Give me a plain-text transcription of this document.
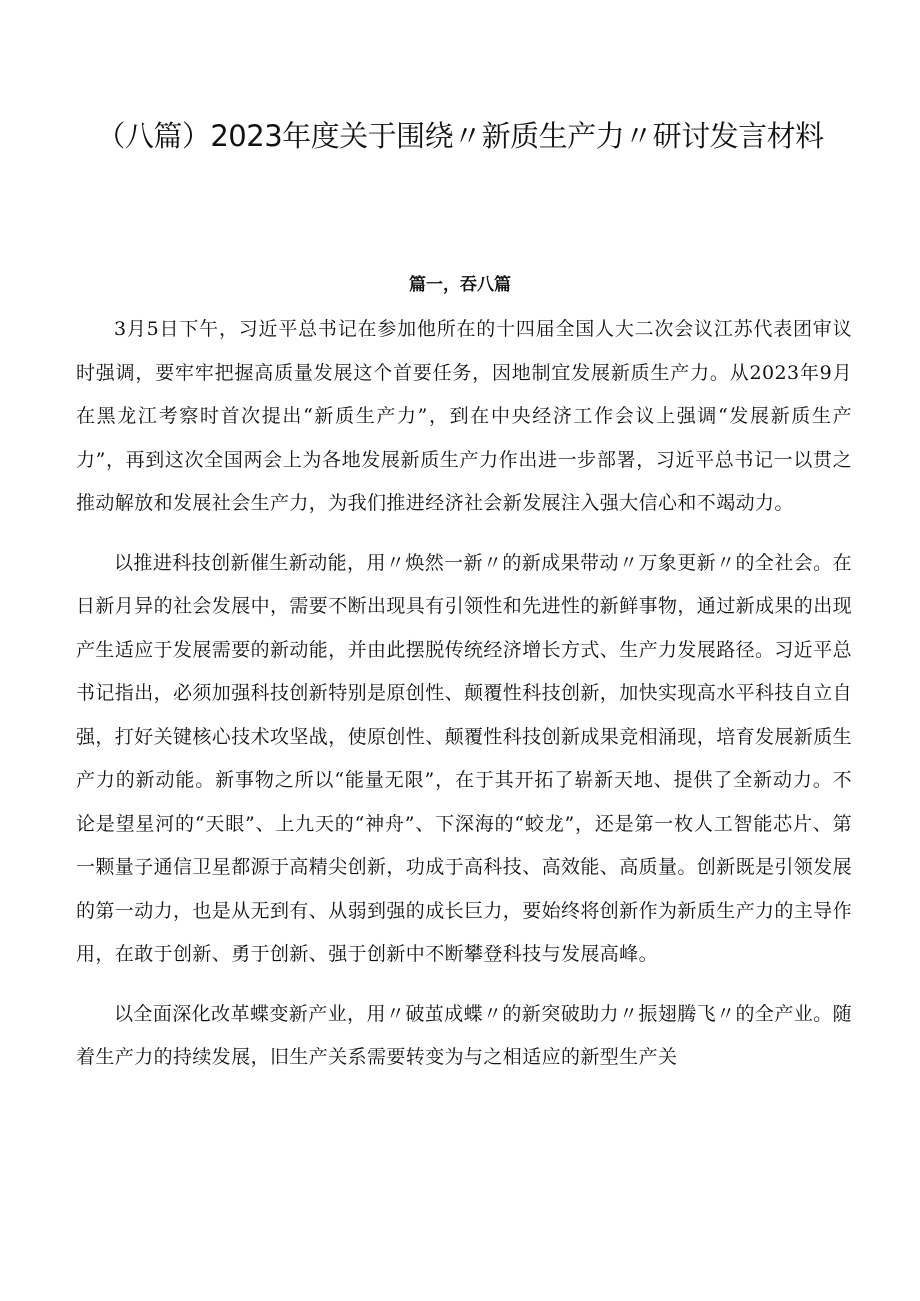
（八篇）2023年度关于围绕〃新质生产力〃研讨发言材料
篇一，吞八篇

3月5日下午，习近平总书记在参加他所在的十四届全国人大二次会议江苏代表团审议时强调，要牢牢把握高质量发展这个首要任务，因地制宜发展新质生产力。从2023年9月在黑龙江考察时首次提出“新质生产力”，到在中央经济工作会议上强调“发展新质生产力”，再到这次全国两会上为各地发展新质生产力作出进一步部署，习近平总书记一以贯之推动解放和发展社会生产力，为我们推进经济社会新发展注入强大信心和不竭动力。

以推进科技创新催生新动能，用〃焕然一新〃的新成果带动〃万象更新〃的全社会。在日新月异的社会发展中，需要不断出现具有引领性和先进性的新鲜事物，通过新成果的出现产生适应于发展需要的新动能，并由此摆脱传统经济增长方式、生产力发展路径。习近平总书记指出，必须加强科技创新特别是原创性、颠覆性科技创新，加快实现高水平科技自立自强，打好关键核心技术攻坚战，使原创性、颠覆性科技创新成果竞相涌现，培育发展新质生产力的新动能。新事物之所以“能量无限”，在于其开拓了崭新天地、提供了全新动力。不论是望星河的“天眼”、上九天的“神舟”、下深海的“蛟龙”，还是第一枚人工智能芯片、第一颗量子通信卫星都源于高精尖创新，功成于高科技、高效能、高质量。创新既是引领发展的第一动力，也是从无到有、从弱到强的成长巨力，要始终将创新作为新质生产力的主导作用，在敢于创新、勇于创新、强于创新中不断攀登科技与发展高峰。

以全面深化改革蝶变新产业，用〃破茧成蝶〃的新突破助力〃振翅腾飞〃的全产业。随着生产力的持续发展，旧生产关系需要转变为与之相适应的新型生产关
